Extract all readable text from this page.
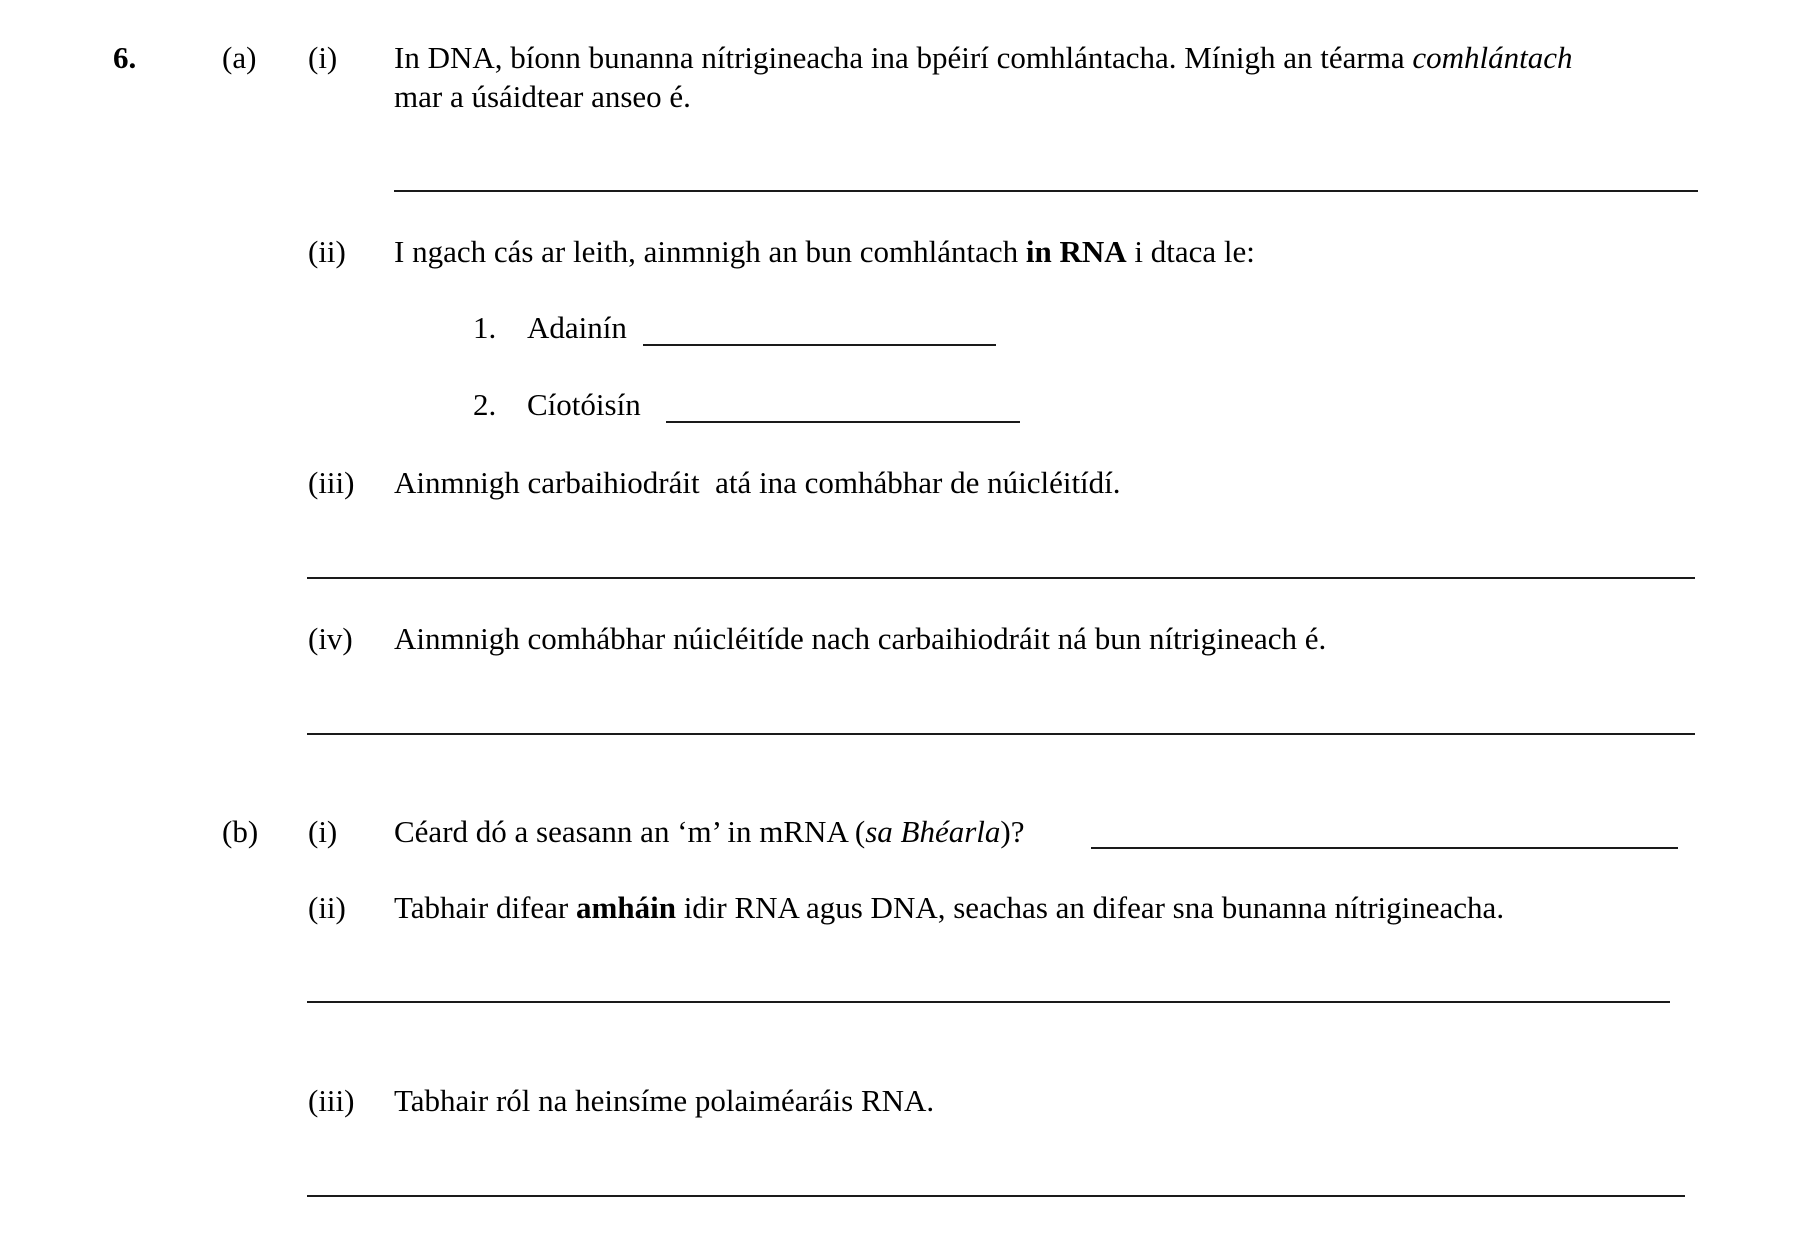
6.	(a) (i) In DNA, bíonn bunanna nítrigineacha ina bpéirí comhlántacha. Mínigh an téarma comhlántach
mar a úsáidtear anseo é.
(ii) I ngach cás ar leith, ainmnigh an bun comhlántach in RNA i dtaca le:
1. Adainín
2. Cíotóisín
(iii) Ainmnigh carbaihiodráit  atá ina comhábhar de núicléitídí.
(iv) Ainmnigh comhábhar núicléitíde nach carbaihiodráit ná bun nítrigineach é.
(b) (i) Céard dó a seasann an ‘m’ in mRNA (sa Bhéarla)?
(ii) Tabhair difear amháin idir RNA agus DNA, seachas an difear sna bunanna nítrigineacha.
(iii) Tabhair ról na heinsíme polaiméaráis RNA.
